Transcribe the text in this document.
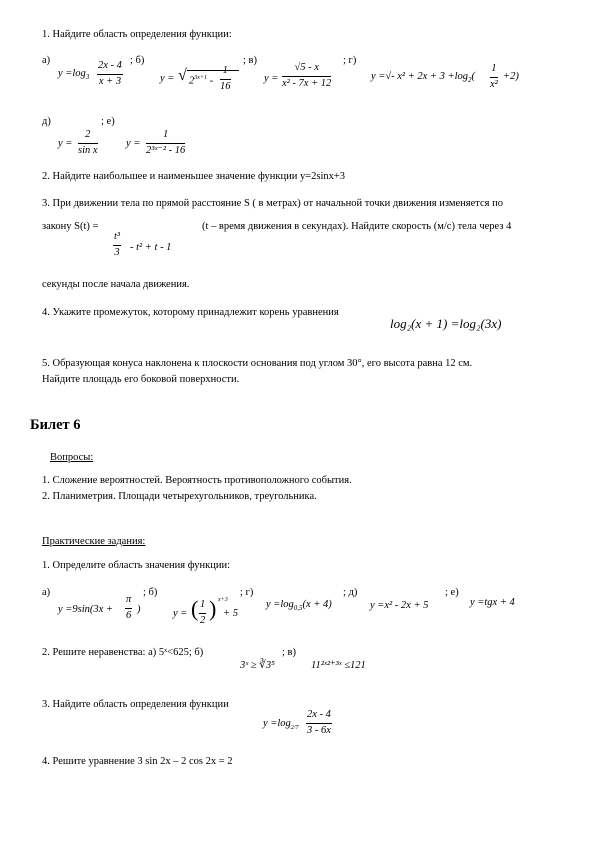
1. Найдите область определения функции:
а)
$y =\log_3 \frac{2x - 4}{x + 3}$
; б)
y = √ $2^{3x+1} - \frac{1}{16}$
; в)
$y = \frac{√5 - x}{\text{x² - 7x + 12}}$
; г)
y =√- $x^2 + 2x + 3 +\log_2( \frac{1}{\text{x²}} +2)$
д)
$y = \frac{2}{\text{sin x}}$
; е)
$y = \frac{1}{\text{2³ˣ⁻² - 16}}$
2. Найдите наибольшее и наименьшее значение функции y=2sinx+3
3. При движении тела по прямой расстояние S ( в метрах) от начальной точки движения изменяется по
закону S(t) =	(t – время движения в секундах). Найдите скорость (м/с) тела через 4
$\frac{\text{t³}}{3} - t^2 + t - 1$
секунды после начала движения.
4. Укажите промежуток, которому принадлежит корень уравнения
log₂(x + 1) =log₂(3x)
5. Образующая конуса наклонена к плоскости основания под углом 30°, его высота равна 12 см.
Найдите площадь его боковой поверхности.
Билет 6
Вопросы:
1. Сложение вероятностей. Вероятность противоположного события.
2. Планиметрия. Площади четырехугольников, треугольника.
Практические задания:
1. Определите область значения функции:
а)
$y =9\sin(3x + \frac{\pi}{6}$ )
; б)
y = ( $\frac{1}{2}$ ) x+3
+ 5
; г)
$y =\log_{0,5}(x + 4)$
; д)
y =x² - 2x + 5
; е)
y =tgx + 4
2. Решите неравенства: а) 5ˣ<625; б)	; в)
3ˣ ≥ ∛3⁵	11²ˣ²⁺³ˣ ≤121
3. Найдите область определения функции
$y =\log_{2/7} \frac{2x - 4}{3 - 6x}$
4. Решите уравнение 3 sin 2x – 2 cos 2x = 2
